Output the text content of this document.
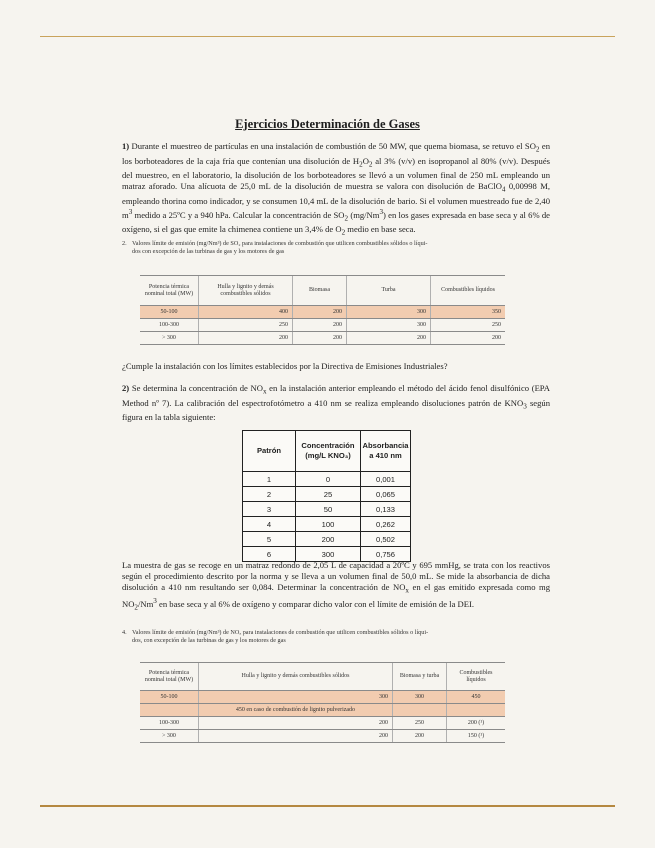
Ejercicios Determinación de Gases

1) Durante el muestreo de partículas en una instalación de combustión de 50 MW, que quema biomasa, se retuvo el $SO_2$ en los borboteadores de la caja fría que contenían una disolución de $H_2O_2$ al 3% (v/v) en isopropanol al 80% (v/v). Después del muestreo, en el laboratorio, la disolución de los borboteadores se llevó a un volumen final de 250 mL empleando un matraz aforado. Una alícuota de 25,0 mL de la disolución de muestra se valora con disolución de BaClO$_4$ 0,00998 M, empleando thorina como indicador, y se consumen 10,4 mL de la disolución de bario. Si el volumen muestreado fue de 2,40 $m^3$ medido a 25ºC y a 940 hPa. Calcular la concentración de $SO_2$ (mg/Nm$^3$) en los gases expresada en base seca y al 6% de oxígeno, si el gas que emite la chimenea contiene un 3,4% de $O_2$ medio en base seca.

2. Valores límite de emisión (mg/Nm³) de SO₂ para instalaciones de combustión que utilicen combustibles sólidos o líqui-
dos con excepción de las turbinas de gas y los motores de gas

Potencia térmica nominal total (MW)	Hulla y lignito y demás combustibles sólidos	Biomasa	Turba	Combustibles líquidos
50-100	400	200	300	350
100-300	250	200	300	250
> 300	200	200	200	200

¿Cumple la instalación con los límites establecidos por la Directiva de Emisiones Industriales?

2) Se determina la concentración de $NO_x$ en la instalación anterior empleando el método del ácido fenol disulfónico (EPA Method nº 7). La calibración del espectrofotómetro a 410 nm se realiza empleando disoluciones patrón de $KNO_3$ según figura en la tabla siguiente:

Patrón	Concentración (mg/L KNO₃)	Absorbancia a 410 nm
1	0	0,001
2	25	0,065
3	50	0,133
4	100	0,262
5	200	0,502
6	300	0,756

La muestra de gas se recoge en un matraz redondo de 2,05 L de capacidad a 20ºC y 695 mmHg, se trata con los reactivos según el procedimiento descrito por la norma y se lleva a un volumen final de 50,0 mL. Se mide la absorbancia de dicha disolución a 410 nm resultando ser 0,084. Determinar la concentración de $NO_x$ en el gas emitido expresada como mg $NO_2/Nm^3$ en base seca y al 6% de oxígeno y comparar dicho valor con el límite de emisión de la DEI.

4. Valores límite de emisión (mg/Nm³) de NOₓ para instalaciones de combustión que utilicen combustibles sólidos o líqui-
dos, con excepción de las turbinas de gas y los motores de gas

Potencia térmica nominal total (MW)	Hulla y lignito y demás combustibles sólidos	Biomasa y turba	Combustibles líquidos
50-100	300	300	450
	450 en caso de combustión de lignito pulverizado		
100-300	200	250	200 (¹)
> 300	200	200	150 (¹)
